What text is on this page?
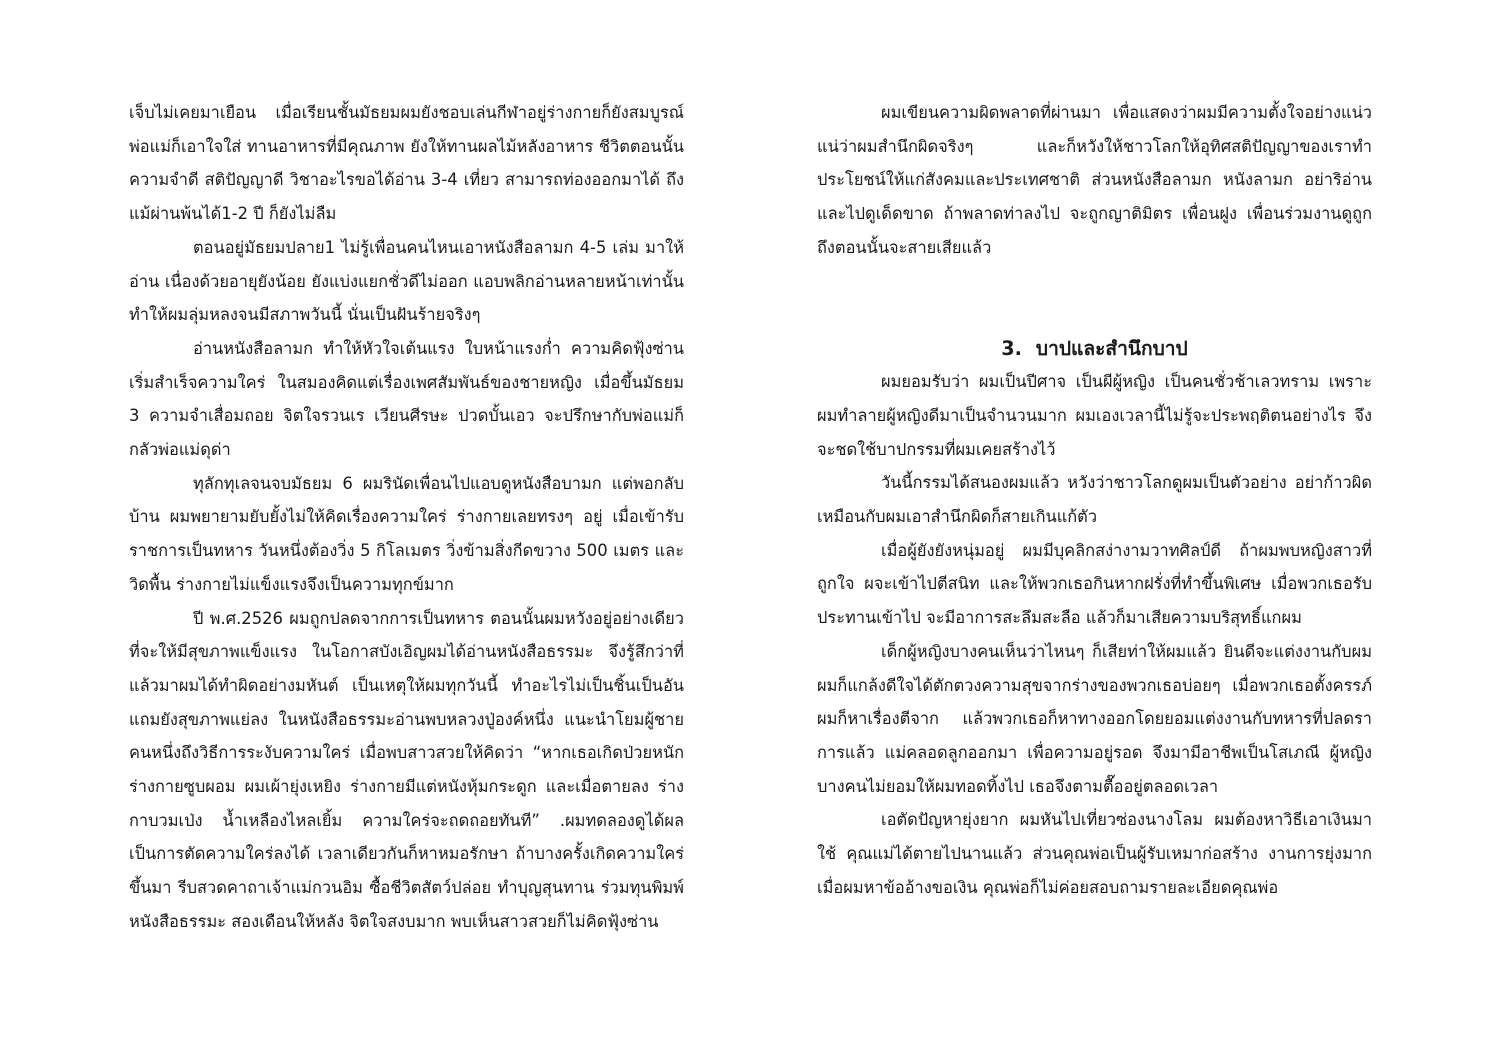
เจ็บไม่เคยมาเยือน เมื่อเรียนชั้นมัธยมผมยังชอบเล่นกีฬาอยู่ร่างกายก็ยังสมบูรณ์ พ่อแม่ก็เอาใจใส่ ทานอาหารที่มีคุณภาพ ยังให้ทานผลไม้หลังอาหาร ชีวิตตอนนั้น ความจำดี สติปัญญาดี วิชาอะไรขอได้อ่าน 3-4 เที่ยว สามารถท่องออกมาได้ ถึงแม้ผ่านพ้นได้1-2 ปี ก็ยังไม่ลืม

ตอนอยู่มัธยมปลาย1 ไม่รู้เพื่อนคนไหนเอาหนังสือลามก 4-5 เล่ม มาให้อ่าน เนื่องด้วยอายุยังน้อย ยังแบ่งแยกชั่วดีไม่ออก แอบพลิกอ่านหลายหน้าเท่านั้น ทำให้ผมลุ่มหลงจนมีสภาพวันนี้ นั่นเป็นฝันร้ายจริงๆ

อ่านหนังสือลามก ทำให้หัวใจเต้นแรง ใบหน้าแรงก่ำ ความคิดฟุ้งซ่าน เริ่มสำเร็จความใคร่ ในสมองคิดแต่เรื่องเพศสัมพันธ์ของชายหญิง เมื่อขึ้นมัธยม 3 ความจำเสื่อมถอย จิตใจรวนเร เวียนศีรษะ ปวดบั้นเอว จะปรึกษากับพ่อแม่ก็กลัวพ่อแม่ดุด่า

ทุลักทุเลจนจบมัธยม 6 ผมรินัดเพื่อนไปแอบดูหนังสือบามก แต่พอกลับบ้าน ผมพยายามยับยั้งไม่ให้คิดเรื่องความใคร่ ร่างกายเลยทรงๆ อยู่ เมื่อเข้ารับราชการเป็นทหาร วันหนึ่งต้องวิ่ง 5 กิโลเมตร วิ่งข้ามสิ่งกีดขวาง 500 เมตร และวิดพื้น ร่างกายไม่แข็งแรงจึงเป็นความทุกข์มาก

ปี พ.ศ.2526 ผมถูกปลดจากการเป็นทหาร ตอนนั้นผมหวังอยู่อย่างเดียวที่จะให้มีสุขภาพแข็งแรง ในโอกาสบังเอิญผมได้อ่านหนังสือธรรมะ จึงรู้สึกว่าที่แล้วมาผมได้ทำผิดอย่างมหันต์ เป็นเหตุให้ผมทุกวันนี้ ทำอะไรไม่เป็นชิ้นเป็นอัน แถมยังสุขภาพแย่ลง ในหนังสือธรรมะอ่านพบหลวงปู่องค์หนึ่ง แนะนำโยมผู้ชายคนหนึ่งถึงวิธีการระงับความใคร่ เมื่อพบสาวสวยให้คิดว่า “หากเธอเกิดป่วยหนัก ร่างกายซูบผอม ผมเผ้ายุ่งเหยิง ร่างกายมีแต่หนังหุ้มกระดูก และเมื่อตายลง ร่างกาบวมเป่ง น้ำเหลืองไหลเยิ้ม ความใคร่จะถดถอยทันที” .ผมทดลองดูได้ผล เป็นการตัดความใคร่ลงได้ เวลาเดียวกันก็หาหมอรักษา ถ้าบางครั้งเกิดความใคร่ขึ้นมา รีบสวดคาถาเจ้าแม่กวนอิม ซื้อชีวิตสัตว์ปล่อย ทำบุญสุนทาน ร่วมทุนพิมพ์หนังสือธรรมะ สองเดือนให้หลัง จิตใจสงบมาก พบเห็นสาวสวยก็ไม่คิดฟุ้งซ่าน

ผมเขียนความผิดพลาดที่ผ่านมา เพื่อแสดงว่าผมมีความตั้งใจอย่างแน่วแน่ว่าผมสำนึกผิดจริงๆ และก็หวังให้ชาวโลกให้อุทิศสติปัญญาของเราทำประโยชน์ให้แก่สังคมและประเทศชาติ ส่วนหนังสือลามก หนังลามก อย่าริอ่านและไปดูเด็ดขาด ถ้าพลาดท่าลงไป จะถูกญาติมิตร เพื่อนฝูง เพื่อนร่วมงานดูถูก ถึงตอนนั้นจะสายเสียแล้ว

3. บาปและสำนึกบาป

ผมยอมรับว่า ผมเป็นปีศาจ เป็นผีผู้หญิง เป็นคนชั่วช้าเลวทราม เพราะผมทำลายผู้หญิงดีมาเป็นจำนวนมาก ผมเองเวลานี้ไม่รู้จะประพฤติตนอย่างไร จึงจะชดใช้บาปกรรมที่ผมเคยสร้างไว้

วันนี้กรรมได้สนองผมแล้ว หวังว่าชาวโลกดูผมเป็นตัวอย่าง อย่าก้าวผิดเหมือนกับผมเอาสำนึกผิดก็สายเกินแก้ตัว

เมื่อผู้ยังยังหนุ่มอยู่ ผมมีบุคลิกสง่างามวาทศิลป์ดี ถ้าผมพบหญิงสาวที่ถูกใจ ผจะเข้าไปตีสนิท และให้พวกเธอกินหากฝรั่งที่ทำขึ้นพิเศษ เมื่อพวกเธอรับประทานเข้าไป จะมีอาการสะลึมสะลือ แล้วก็มาเสียความบริสุทธิ์แกผม

เด็กผู้หญิงบางคนเห็นว่าไหนๆ ก็เสียท่าให้ผมแล้ว ยินดีจะแต่งงานกับผม ผมก็แกล้งดีใจได้ตักตวงความสุขจากร่างของพวกเธอบ่อยๆ เมื่อพวกเธอตั้งครรภ์ ผมก็หาเรื่องตีจาก แล้วพวกเธอก็หาทางออกโดยยอมแต่งงานกับทหารที่ปลดราการแล้ว แม่คลอดลูกออกมา เพื่อความอยู่รอด จึงมามีอาชีพเป็นโสเภณี ผู้หญิงบางคนไม่ยอมให้ผมทอดทิ้งไป เธอจึงตามตื๊ออยู่ตลอดเวลา

เอตัดปัญหายุ่งยาก ผมหันไปเที่ยวซ่องนางโลม ผมต้องหาวิธีเอาเงินมาใช้ คุณแม่ได้ตายไปนานแล้ว ส่วนคุณพ่อเป็นผู้รับเหมาก่อสร้าง งานการยุ่งมาก เมื่อผมหาข้ออ้างขอเงิน คุณพ่อก็ไม่ค่อยสอบถามรายละเอียดคุณพ่อ
